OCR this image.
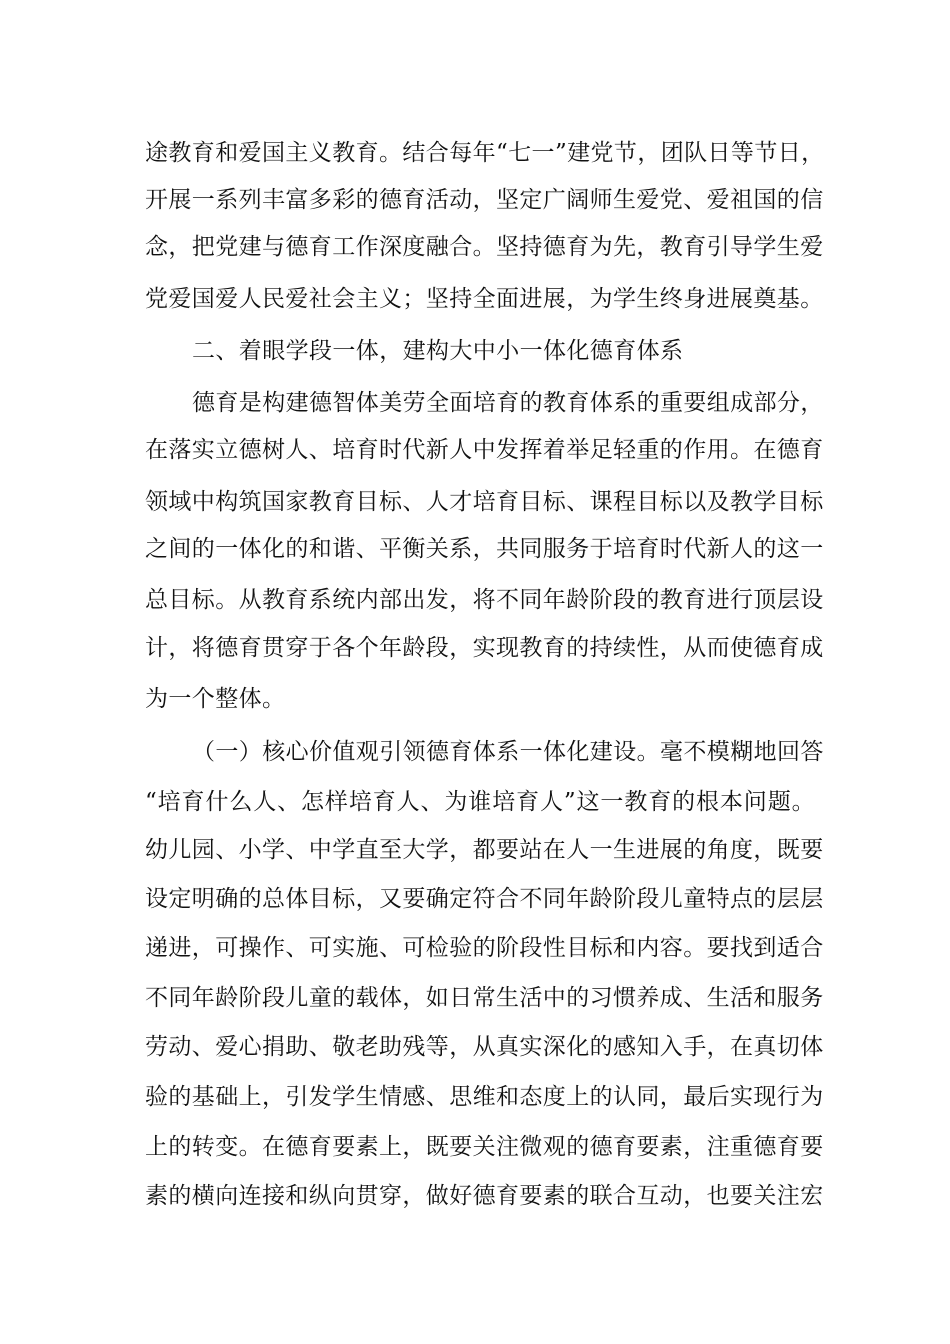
途教育和爱国主义教育。结合每年“七一”建党节，团队日等节日，
开展一系列丰富多彩的德育活动，坚定广阔师生爱党、爱祖国的信
念，把党建与德育工作深度融合。坚持德育为先，教育引导学生爱
党爱国爱人民爱社会主义；坚持全面进展，为学生终身进展奠基。
二、着眼学段一体，建构大中小一体化德育体系
德育是构建德智体美劳全面培育的教育体系的重要组成部分，
在落实立德树人、培育时代新人中发挥着举足轻重的作用。在德育
领域中构筑国家教育目标、人才培育目标、课程目标以及教学目标
之间的一体化的和谐、平衡关系，共同服务于培育时代新人的这一
总目标。从教育系统内部出发，将不同年龄阶段的教育进行顶层设
计，将德育贯穿于各个年龄段，实现教育的持续性，从而使德育成
为一个整体。
（一）核心价值观引领德育体系一体化建设。毫不模糊地回答
“培育什么人、怎样培育人、为谁培育人”这一教育的根本问题。
幼儿园、小学、中学直至大学，都要站在人一生进展的角度，既要
设定明确的总体目标，又要确定符合不同年龄阶段儿童特点的层层
递进，可操作、可实施、可检验的阶段性目标和内容。要找到适合
不同年龄阶段儿童的载体，如日常生活中的习惯养成、生活和服务
劳动、爱心捐助、敬老助残等，从真实深化的感知入手，在真切体
验的基础上，引发学生情感、思维和态度上的认同，最后实现行为
上的转变。在德育要素上，既要关注微观的德育要素，注重德育要
素的横向连接和纵向贯穿，做好德育要素的联合互动，也要关注宏
